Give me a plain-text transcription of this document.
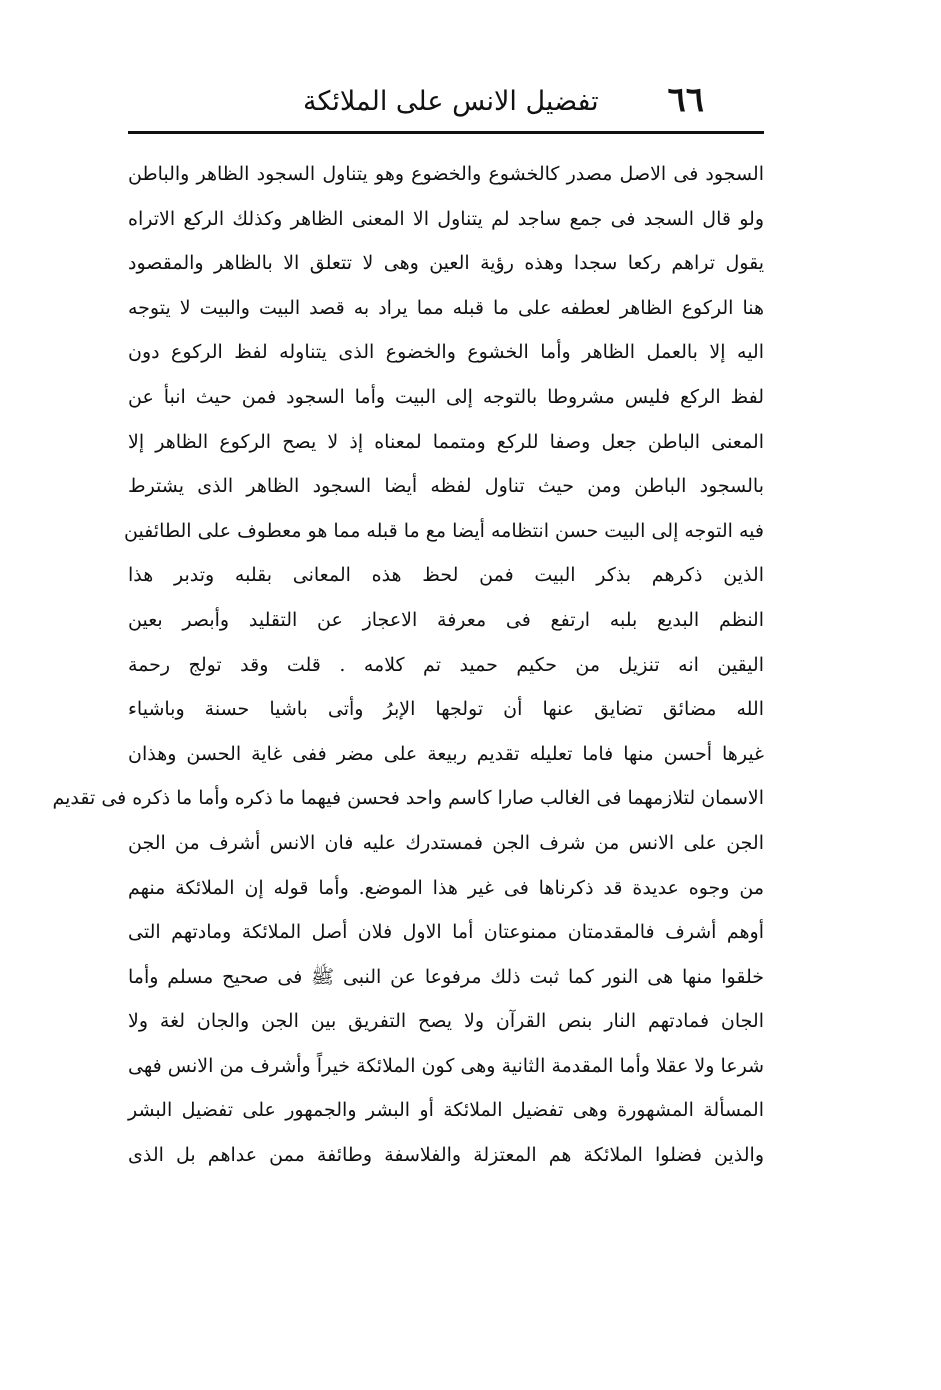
٦٦
تفضيل الانس على الملائكة
السجود فى الاصل مصدر كالخشوع والخضوع وهو يتناول السجود الظاهر والباطن
ولو قال السجد فى جمع ساجد لم يتناول الا المعنى الظاهر وكذلك الركع الاتراه
يقول تراهم ركعا سجدا وهذه رؤية العين وهى لا تتعلق الا بالظاهر والمقصود
هنا الركوع الظاهر لعطفه على ما قبله مما يراد به قصد البيت والبيت لا يتوجه
اليه إلا بالعمل الظاهر وأما الخشوع والخضوع الذى يتناوله لفظ الركوع دون
لفظ الركع فليس مشروطا بالتوجه إلى البيت وأما السجود فمن حيث انبأ عن
المعنى الباطن جعل وصفا للركع ومتمما لمعناه إذ لا يصح الركوع الظاهر إلا
بالسجود الباطن ومن حيث تناول لفظه أيضا السجود الظاهر الذى يشترط
فيه التوجه إلى البيت حسن انتظامه أيضا مع ما قبله مما هو معطوف على الطائفين
الذين ذكرهم بذكر البيت فمن لحظ هذه المعانى بقلبه وتدبر هذا
النظم البديع بلبه ارتفع فى معرفة الاعجاز عن التقليد وأبصر بعين
اليقين انه تنزيل من حكيم حميد تم كلامه . قلت وقد تولج رحمة
الله مضائق تضايق عنها أن تولجها الإبرُ وأتى باشيا حسنة وباشياء
غيرها أحسن منها فاما تعليله تقديم ربيعة على مضر ففى غاية الحسن وهذان
الاسمان لتلازمهما فى الغالب صارا كاسم واحد فحسن فيهما ما ذكره وأما ما ذكره فى تقديم
الجن على الانس من شرف الجن فمستدرك عليه فان الانس أشرف من الجن
من وجوه عديدة قد ذكرناها فى غير هذا الموضع. وأما قوله إن الملائكة منهم
أوهم أشرف فالمقدمتان ممنوعتان أما الاول فلان أصل الملائكة ومادتهم التى
خلقوا منها هى النور كما ثبت ذلك مرفوعا عن النبى ﷺ فى صحيح مسلم وأما
الجان فمادتهم النار بنص القرآن ولا يصح التفريق بين الجن والجان لغة ولا
شرعا ولا عقلا وأما المقدمة الثانية وهى كون الملائكة خيراً وأشرف من الانس فهى
المسألة المشهورة وهى تفضيل الملائكة أو البشر والجمهور على تفضيل البشر
والذين فضلوا الملائكة هم المعتزلة والفلاسفة وطائفة ممن عداهم بل الذى
